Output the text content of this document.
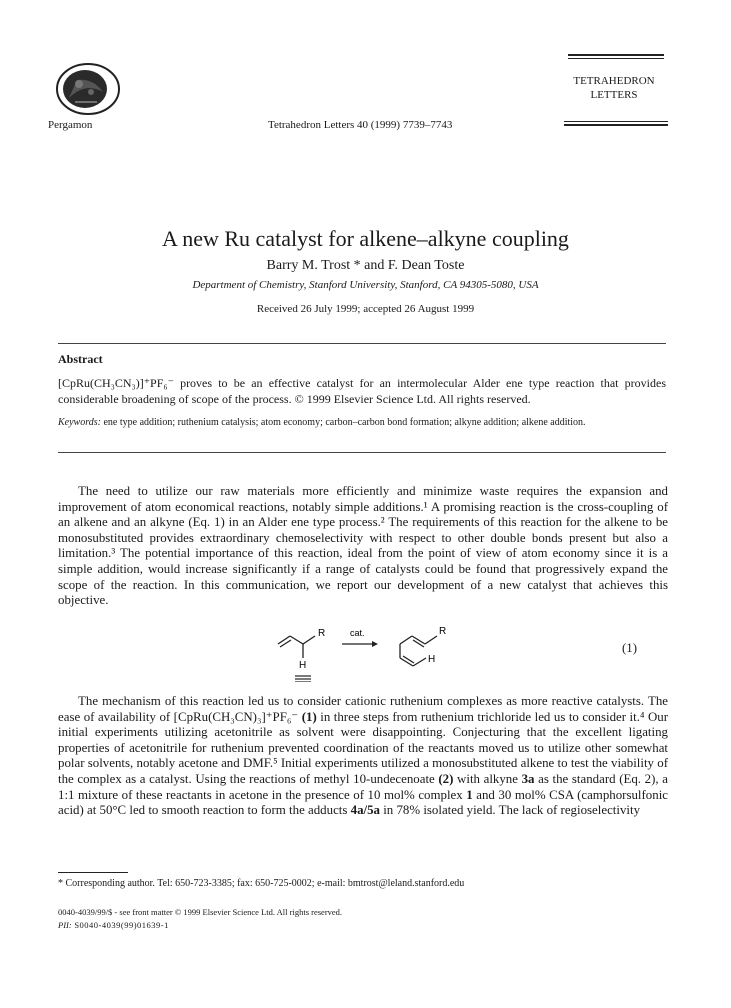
Pergamon	Tetrahedron Letters 40 (1999) 7739–7743
TETRAHEDRON
LETTERS
A new Ru catalyst for alkene–alkyne coupling
Barry M. Trost * and F. Dean Toste
Department of Chemistry, Stanford University, Stanford, CA 94305-5080, USA
Received 26 July 1999; accepted 26 August 1999
Abstract
[CpRu(CH₃CN₃)]⁺PF₆⁻ proves to be an effective catalyst for an intermolecular Alder ene type reaction that provides considerable broadening of scope of the process. © 1999 Elsevier Science Ltd. All rights reserved.
Keywords: ene type addition; ruthenium catalysis; atom economy; carbon–carbon bond formation; alkyne addition; alkene addition.
The need to utilize our raw materials more efficiently and minimize waste requires the expansion and improvement of atom economical reactions, notably simple additions.¹ A promising reaction is the cross-coupling of an alkene and an alkyne (Eq. 1) in an Alder ene type process.² The requirements of this reaction for the alkene to be monosubstituted provides extraordinary chemoselectivity with respect to other double bonds present but also a limitation.³ The potential importance of this reaction, ideal from the point of view of atom economy since it is a simple addition, would increase significantly if a range of catalysts could be found that progressively expand the scope of the reaction. In this communication, we report our development of a new catalyst that achieves this objective.
R
H
cat.	R
H
(1)
The mechanism of this reaction led us to consider cationic ruthenium complexes as more reactive catalysts. The ease of availability of [CpRu(CH₃CN)₃]⁺PF₆⁻ (1) in three steps from ruthenium trichloride led us to consider it.⁴ Our initial experiments utilizing acetonitrile as solvent were disappointing. Conjecturing that the excellent ligating properties of acetonitrile for ruthenium prevented coordination of the reactants moved us to utilize other somewhat polar solvents, notably acetone and DMF.⁵ Initial experiments utilized a monosubstituted alkene to test the viability of the complex as a catalyst. Using the reactions of methyl 10-undecenoate (2) with alkyne 3a as the standard (Eq. 2), a 1:1 mixture of these reactants in acetone in the presence of 10 mol% complex 1 and 30 mol% CSA (camphorsulfonic acid) at 50°C led to smooth reaction to form the adducts 4a/5a in 78% isolated yield. The lack of regioselectivity
* Corresponding author. Tel: 650-723-3385; fax: 650-725-0002; e-mail: bmtrost@leland.stanford.edu
0040-4039/99/$ - see front matter © 1999 Elsevier Science Ltd. All rights reserved.
PII: S0040-4039(99)01639-1
